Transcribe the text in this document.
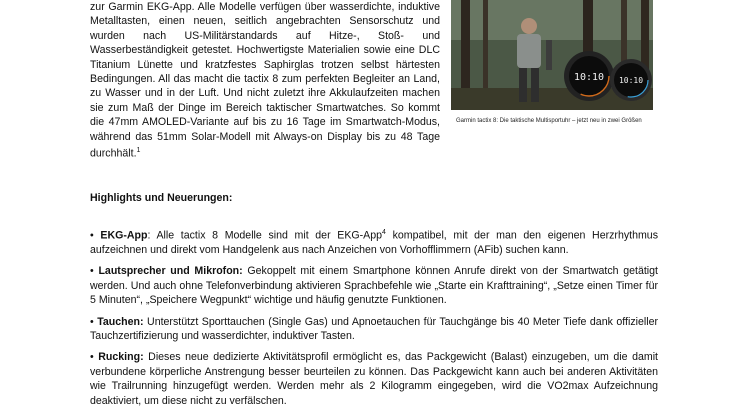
zur Garmin EKG-App. Alle Modelle verfügen über wasserdichte, induktive Metalltasten, einen neuen, seitlich angebrachten Sensorschutz und wurden nach US-Militärstandards auf Hitze-, Stoß- und Wasserbeständigkeit getestet. Hochwertigste Materialien sowie eine DLC Titanium Lünette und kratzfestes Saphirglas trotzen selbst härtesten Bedingungen. All das macht die tactix 8 zum perfekten Begleiter an Land, zu Wasser und in der Luft. Und nicht zuletzt ihre Akkulaufzeiten machen sie zum Maß der Dinge im Bereich taktischer Smartwatches. So kommt die 47mm AMOLED-Variante auf bis zu 16 Tage im Smartwatch-Modus, während das 51mm Solar-Modell mit Always-on Display bis zu 48 Tage durchhält.$^1$

10:10 10:10
Garmin tactix 8: Die taktische Multisportuhr – jetzt neu in zwei Größen
Highlights und Neuerungen:

• EKG-App: Alle tactix 8 Modelle sind mit der EKG-App$^4$ kompatibel, mit der man den eigenen Herzrhythmus aufzeichnen und direkt vom Handgelenk aus nach Anzeichen von Vorhofflimmern (AFib) suchen kann.

• Lautsprecher und Mikrofon: Gekoppelt mit einem Smartphone können Anrufe direkt von der Smartwatch getätigt werden. Und auch ohne Telefonverbindung aktivieren Sprachbefehle wie „Starte ein Krafttraining“, „Setze einen Timer für 5 Minuten“, „Speichere Wegpunkt“ wichtige und häufig genutzte Funktionen.

• Tauchen: Unterstützt Sporttauchen (Single Gas) und Apnoetauchen für Tauchgänge bis 40 Meter Tiefe dank offizieller Tauchzertifizierung und wasserdichter, induktiver Tasten.

• Rucking: Dieses neue dedizierte Aktivitätsprofil ermöglicht es, das Packgewicht (Balast) einzugeben, um die damit verbundene körperliche Anstrengung besser beurteilen zu können. Das Packgewicht kann auch bei anderen Aktivitäten wie Trailrunning hinzugefügt werden. Werden mehr als 2 Kilogramm eingegeben, wird die VO2max Aufzeichnung deaktiviert, um diese nicht zu verfälschen.
